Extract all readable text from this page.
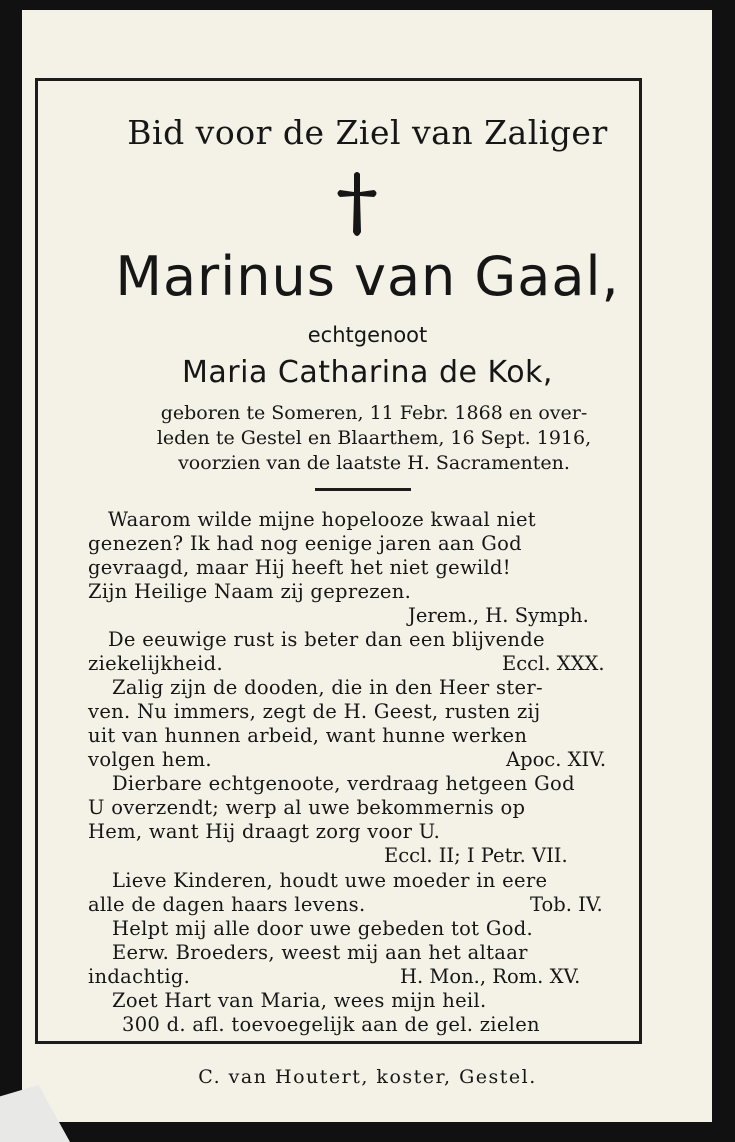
Bid voor de Ziel van Zaliger
Marinus van Gaal,
echtgenoot
Maria Catharina de Kok,
geboren te Someren, 11 Febr. 1868 en over-
leden te Gestel en Blaarthem, 16 Sept. 1916,
voorzien van de laatste H. Sacramenten.
Waarom wilde mijne hopelooze kwaal niet
genezen? Ik had nog eenige jaren aan God
gevraagd, maar Hij heeft het niet gewild!
Zijn Heilige Naam zij geprezen.
Jerem., H. Symph.
De eeuwige rust is beter dan een blijvende
ziekelijkheid.	Eccl. XXX.
Zalig zijn de dooden, die in den Heer ster-
ven. Nu immers, zegt de H. Geest, rusten zij
uit van hunnen arbeid, want hunne werken
volgen hem.	Apoc. XIV.
Dierbare echtgenoote, verdraag hetgeen God
U overzendt; werp al uwe bekommernis op
Hem, want Hij draagt zorg voor U.
Eccl. II; I Petr. VII.
Lieve Kinderen, houdt uwe moeder in eere
alle de dagen haars levens.	Tob. IV.
Helpt mij alle door uwe gebeden tot God.
Eerw. Broeders, weest mij aan het altaar
indachtig.	H. Mon., Rom. XV.
Zoet Hart van Maria, wees mijn heil.
300 d. afl. toevoegelijk aan de gel. zielen
C. van Houtert, koster, Gestel.
